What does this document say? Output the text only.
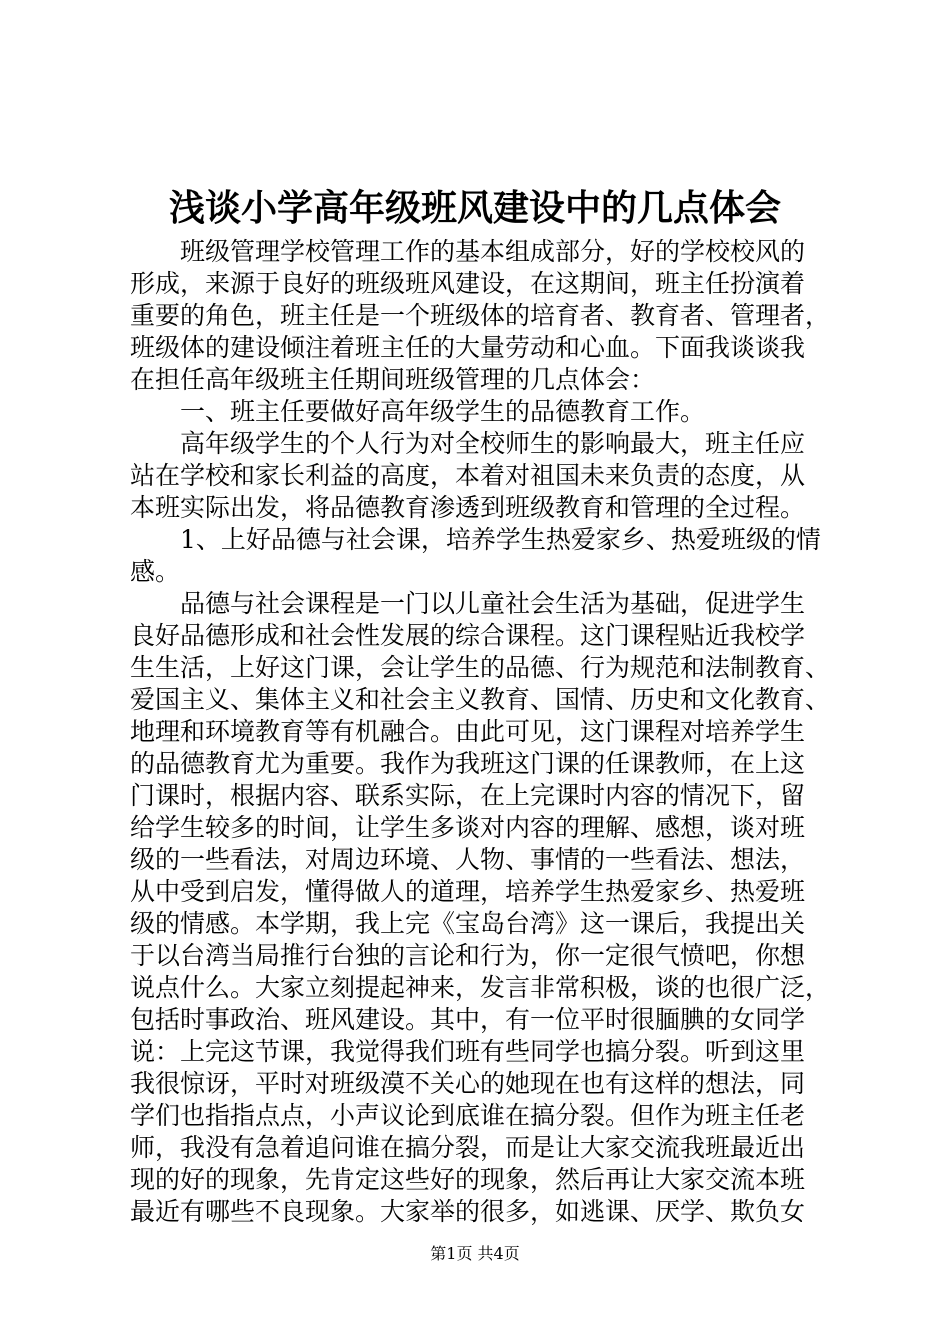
浅谈小学高年级班风建设中的几点体会
班级管理学校管理工作的基本组成部分，好的学校校风的
形成，来源于良好的班级班风建设，在这期间，班主任扮演着
重要的角色，班主任是一个班级体的培育者、教育者、管理者，
班级体的建设倾注着班主任的大量劳动和心血。下面我谈谈我
在担任高年级班主任期间班级管理的几点体会：
一、班主任要做好高年级学生的品德教育工作。
高年级学生的个人行为对全校师生的影响最大，班主任应
站在学校和家长利益的高度，本着对祖国未来负责的态度，从
本班实际出发，将品德教育渗透到班级教育和管理的全过程。
1、上好品德与社会课，培养学生热爱家乡、热爱班级的情
感。
品德与社会课程是一门以儿童社会生活为基础，促进学生
良好品德形成和社会性发展的综合课程。这门课程贴近我校学
生生活，上好这门课，会让学生的品德、行为规范和法制教育、
爱国主义、集体主义和社会主义教育、国情、历史和文化教育、
地理和环境教育等有机融合。由此可见，这门课程对培养学生
的品德教育尤为重要。我作为我班这门课的任课教师，在上这
门课时，根据内容、联系实际，在上完课时内容的情况下，留
给学生较多的时间，让学生多谈对内容的理解、感想，谈对班
级的一些看法，对周边环境、人物、事情的一些看法、想法，
从中受到启发，懂得做人的道理，培养学生热爱家乡、热爱班
级的情感。本学期，我上完《宝岛台湾》这一课后，我提出关
于以台湾当局推行台独的言论和行为，你一定很气愤吧，你想
说点什么。大家立刻提起神来，发言非常积极，谈的也很广泛，
包括时事政治、班风建设。其中，有一位平时很腼腆的女同学
说：上完这节课，我觉得我们班有些同学也搞分裂。听到这里
我很惊讶，平时对班级漠不关心的她现在也有这样的想法，同
学们也指指点点，小声议论到底谁在搞分裂。但作为班主任老
师，我没有急着追问谁在搞分裂，而是让大家交流我班最近出
现的好的现象，先肯定这些好的现象，然后再让大家交流本班
最近有哪些不良现象。大家举的很多，如逃课、厌学、欺负女
第1页 共4页
